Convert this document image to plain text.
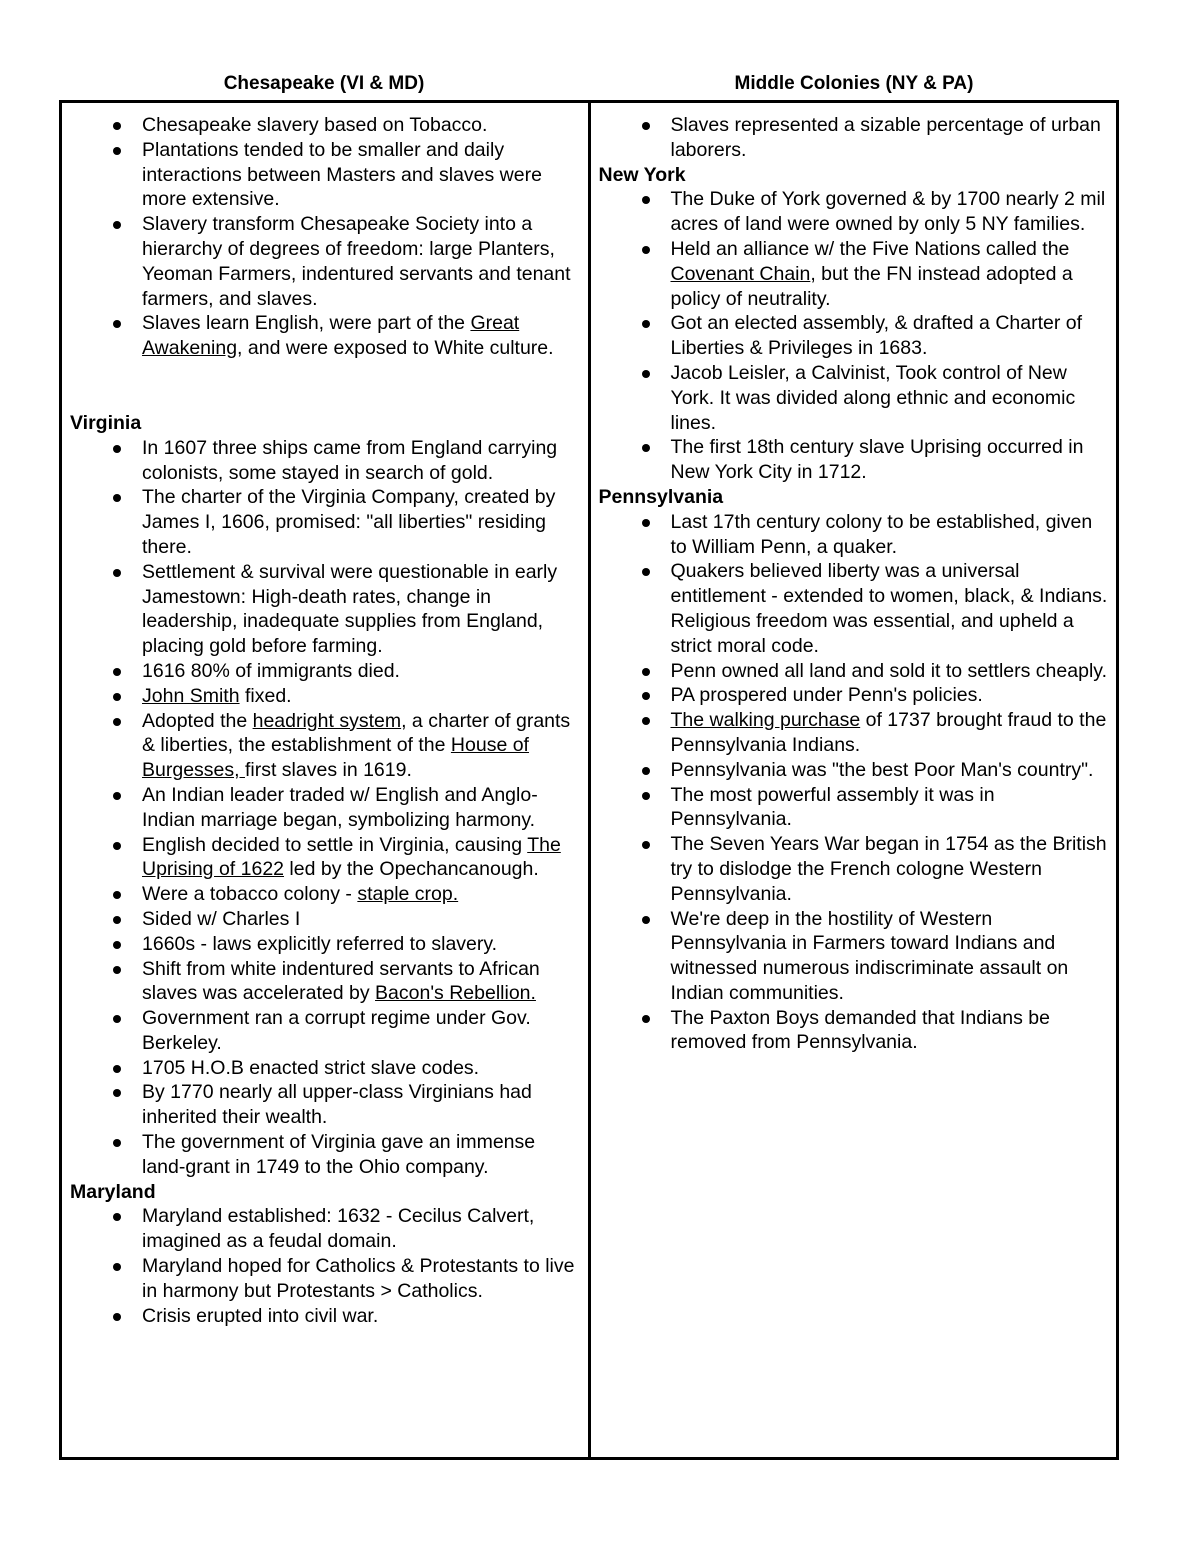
Chesapeake (VI & MD)	Middle Colonies (NY & PA)
Chesapeake slavery based on Tobacco.
Plantations tended to be smaller and daily interactions between Masters and slaves were more extensive.
Slavery transform Chesapeake Society into a hierarchy of degrees of freedom: large Planters, Yeoman Farmers, indentured servants and tenant farmers, and slaves.
Slaves learn English, were part of the Great Awakening, and were exposed to White culture.
Virginia
In 1607 three ships came from England carrying colonists, some stayed in search of gold.
The charter of the Virginia Company, created by James I, 1606, promised: "all liberties" residing there.
Settlement & survival were questionable in early Jamestown: High-death rates, change in leadership, inadequate supplies from England, placing gold before farming.
1616 80% of immigrants died.
John Smith fixed.
Adopted the headright system, a charter of grants & liberties, the establishment of the House of Burgesses, first slaves in 1619.
An Indian leader traded w/ English and Anglo-Indian marriage began, symbolizing harmony.
English decided to settle in Virginia, causing The Uprising of 1622 led by the Opechancanough.
Were a tobacco colony - staple crop.
Sided w/ Charles I
1660s - laws explicitly referred to slavery.
Shift from white indentured servants to African slaves was accelerated by Bacon's Rebellion.
Government ran a corrupt regime under Gov. Berkeley.
1705 H.O.B enacted strict slave codes.
By 1770 nearly all upper-class Virginians had inherited their wealth.
The government of Virginia gave an immense land-grant in 1749 to the Ohio company.
Maryland
Maryland established: 1632 - Cecilus Calvert, imagined as a feudal domain.
Maryland hoped for Catholics & Protestants to live in harmony but Protestants > Catholics.
Crisis erupted into civil war.
Slaves represented a sizable percentage of urban laborers.
New York
The Duke of York governed & by 1700 nearly 2 mil acres of land were owned by only 5 NY families.
Held an alliance w/ the Five Nations called the Covenant Chain, but the FN instead adopted a policy of neutrality.
Got an elected assembly, & drafted a Charter of Liberties & Privileges in 1683.
Jacob Leisler, a Calvinist, Took control of New York. It was divided along ethnic and economic lines.
The first 18th century slave Uprising occurred in New York City in 1712.
Pennsylvania
Last 17th century colony to be established, given to William Penn, a quaker.
Quakers believed liberty was a universal entitlement - extended to women, black, & Indians. Religious freedom was essential, and upheld a strict moral code.
Penn owned all land and sold it to settlers cheaply.
PA prospered under Penn's policies.
The walking purchase of 1737 brought fraud to the Pennsylvania Indians.
Pennsylvania was "the best Poor Man's country".
The most powerful assembly it was in Pennsylvania.
The Seven Years War began in 1754 as the British try to dislodge the French cologne Western Pennsylvania.
We're deep in the hostility of Western Pennsylvania in Farmers toward Indians and witnessed numerous indiscriminate assault on Indian communities.
The Paxton Boys demanded that Indians be removed from Pennsylvania.
